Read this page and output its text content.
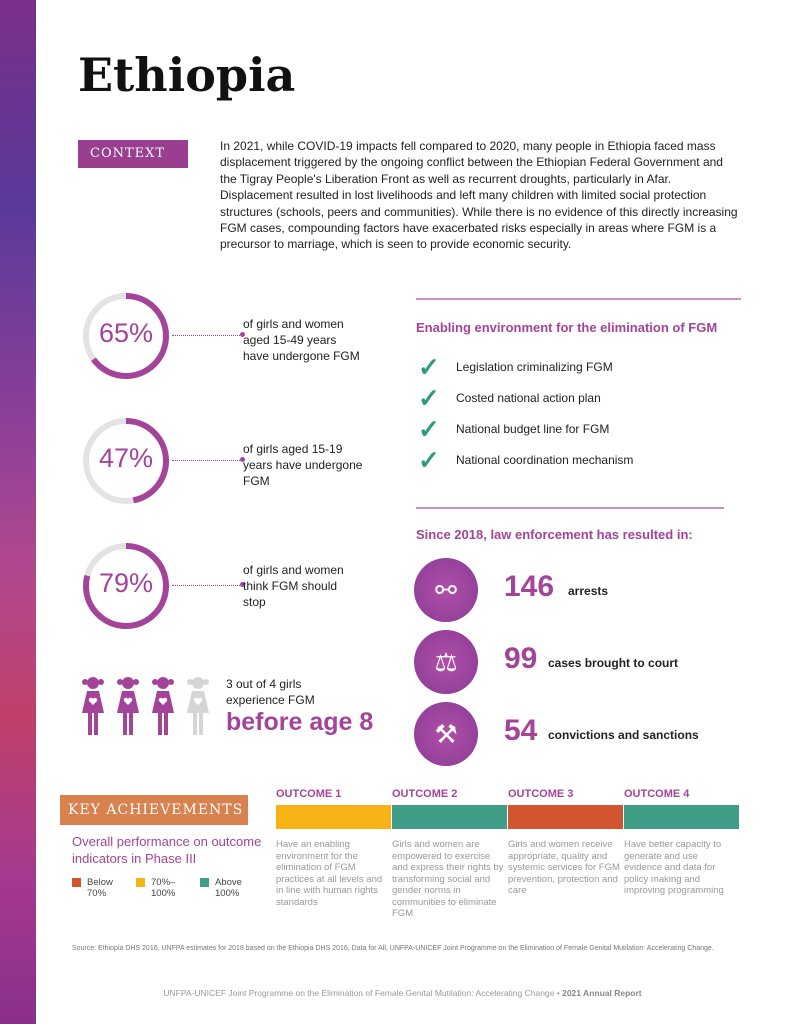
Ethiopia
CONTEXT	In 2021, while COVID-19 impacts fell compared to 2020, many people in Ethiopia faced mass displacement triggered by the ongoing conflict between the Ethiopian Federal Government and the Tigray People's Liberation Front as well as recurrent droughts, particularly in Afar. Displacement resulted in lost livelihoods and left many children with limited social protection structures (schools, peers and communities). While there is no evidence of this directly increasing FGM cases, compounding factors have exacerbated risks especially in areas where FGM is a precursor to marriage, which is seen to provide economic security.

65%	of girls and women aged 15-49 years have undergone FGM
47%	of girls aged 15-19 years have undergone FGM
79%	of girls and women think FGM should stop
3 out of 4 girls experience FGM
before age 8
Enabling environment for the elimination of FGM
✓ Legislation criminalizing FGM
✓ Costed national action plan
✓ National budget line for FGM
✓ National coordination mechanism
Since 2018, law enforcement has resulted in:
⚯	146 arrests
⚖	99 cases brought to court
⚒	54 convictions and sanctions
KEY ACHIEVEMENTS
Overall performance on outcome indicators in Phase III
Below 70%
70%–100%
Above 100%
OUTCOME 1
Have an enabling environment for the elimination of FGM practices at all levels and in line with human rights standards
OUTCOME 2
Girls and women are empowered to exercise and express their rights by transforming social and gender norms in communities to eliminate FGM
OUTCOME 3
Girls and women receive appropriate, quality and systemic services for FGM prevention, protection and care
OUTCOME 4
Have better capacity to generate and use evidence and data for policy making and improving programming

Source: Ethiopia DHS 2016, UNFPA estimates for 2018 based on the Ethiopia DHS 2016, Data for All, UNFPA-UNICEF Joint Programme on the Elimination of Female Genital Mutilation: Accelerating Change.

UNFPA-UNICEF Joint Programme on the Elimination of Female Genital Mutilation: Accelerating Change • 2021 Annual Report
